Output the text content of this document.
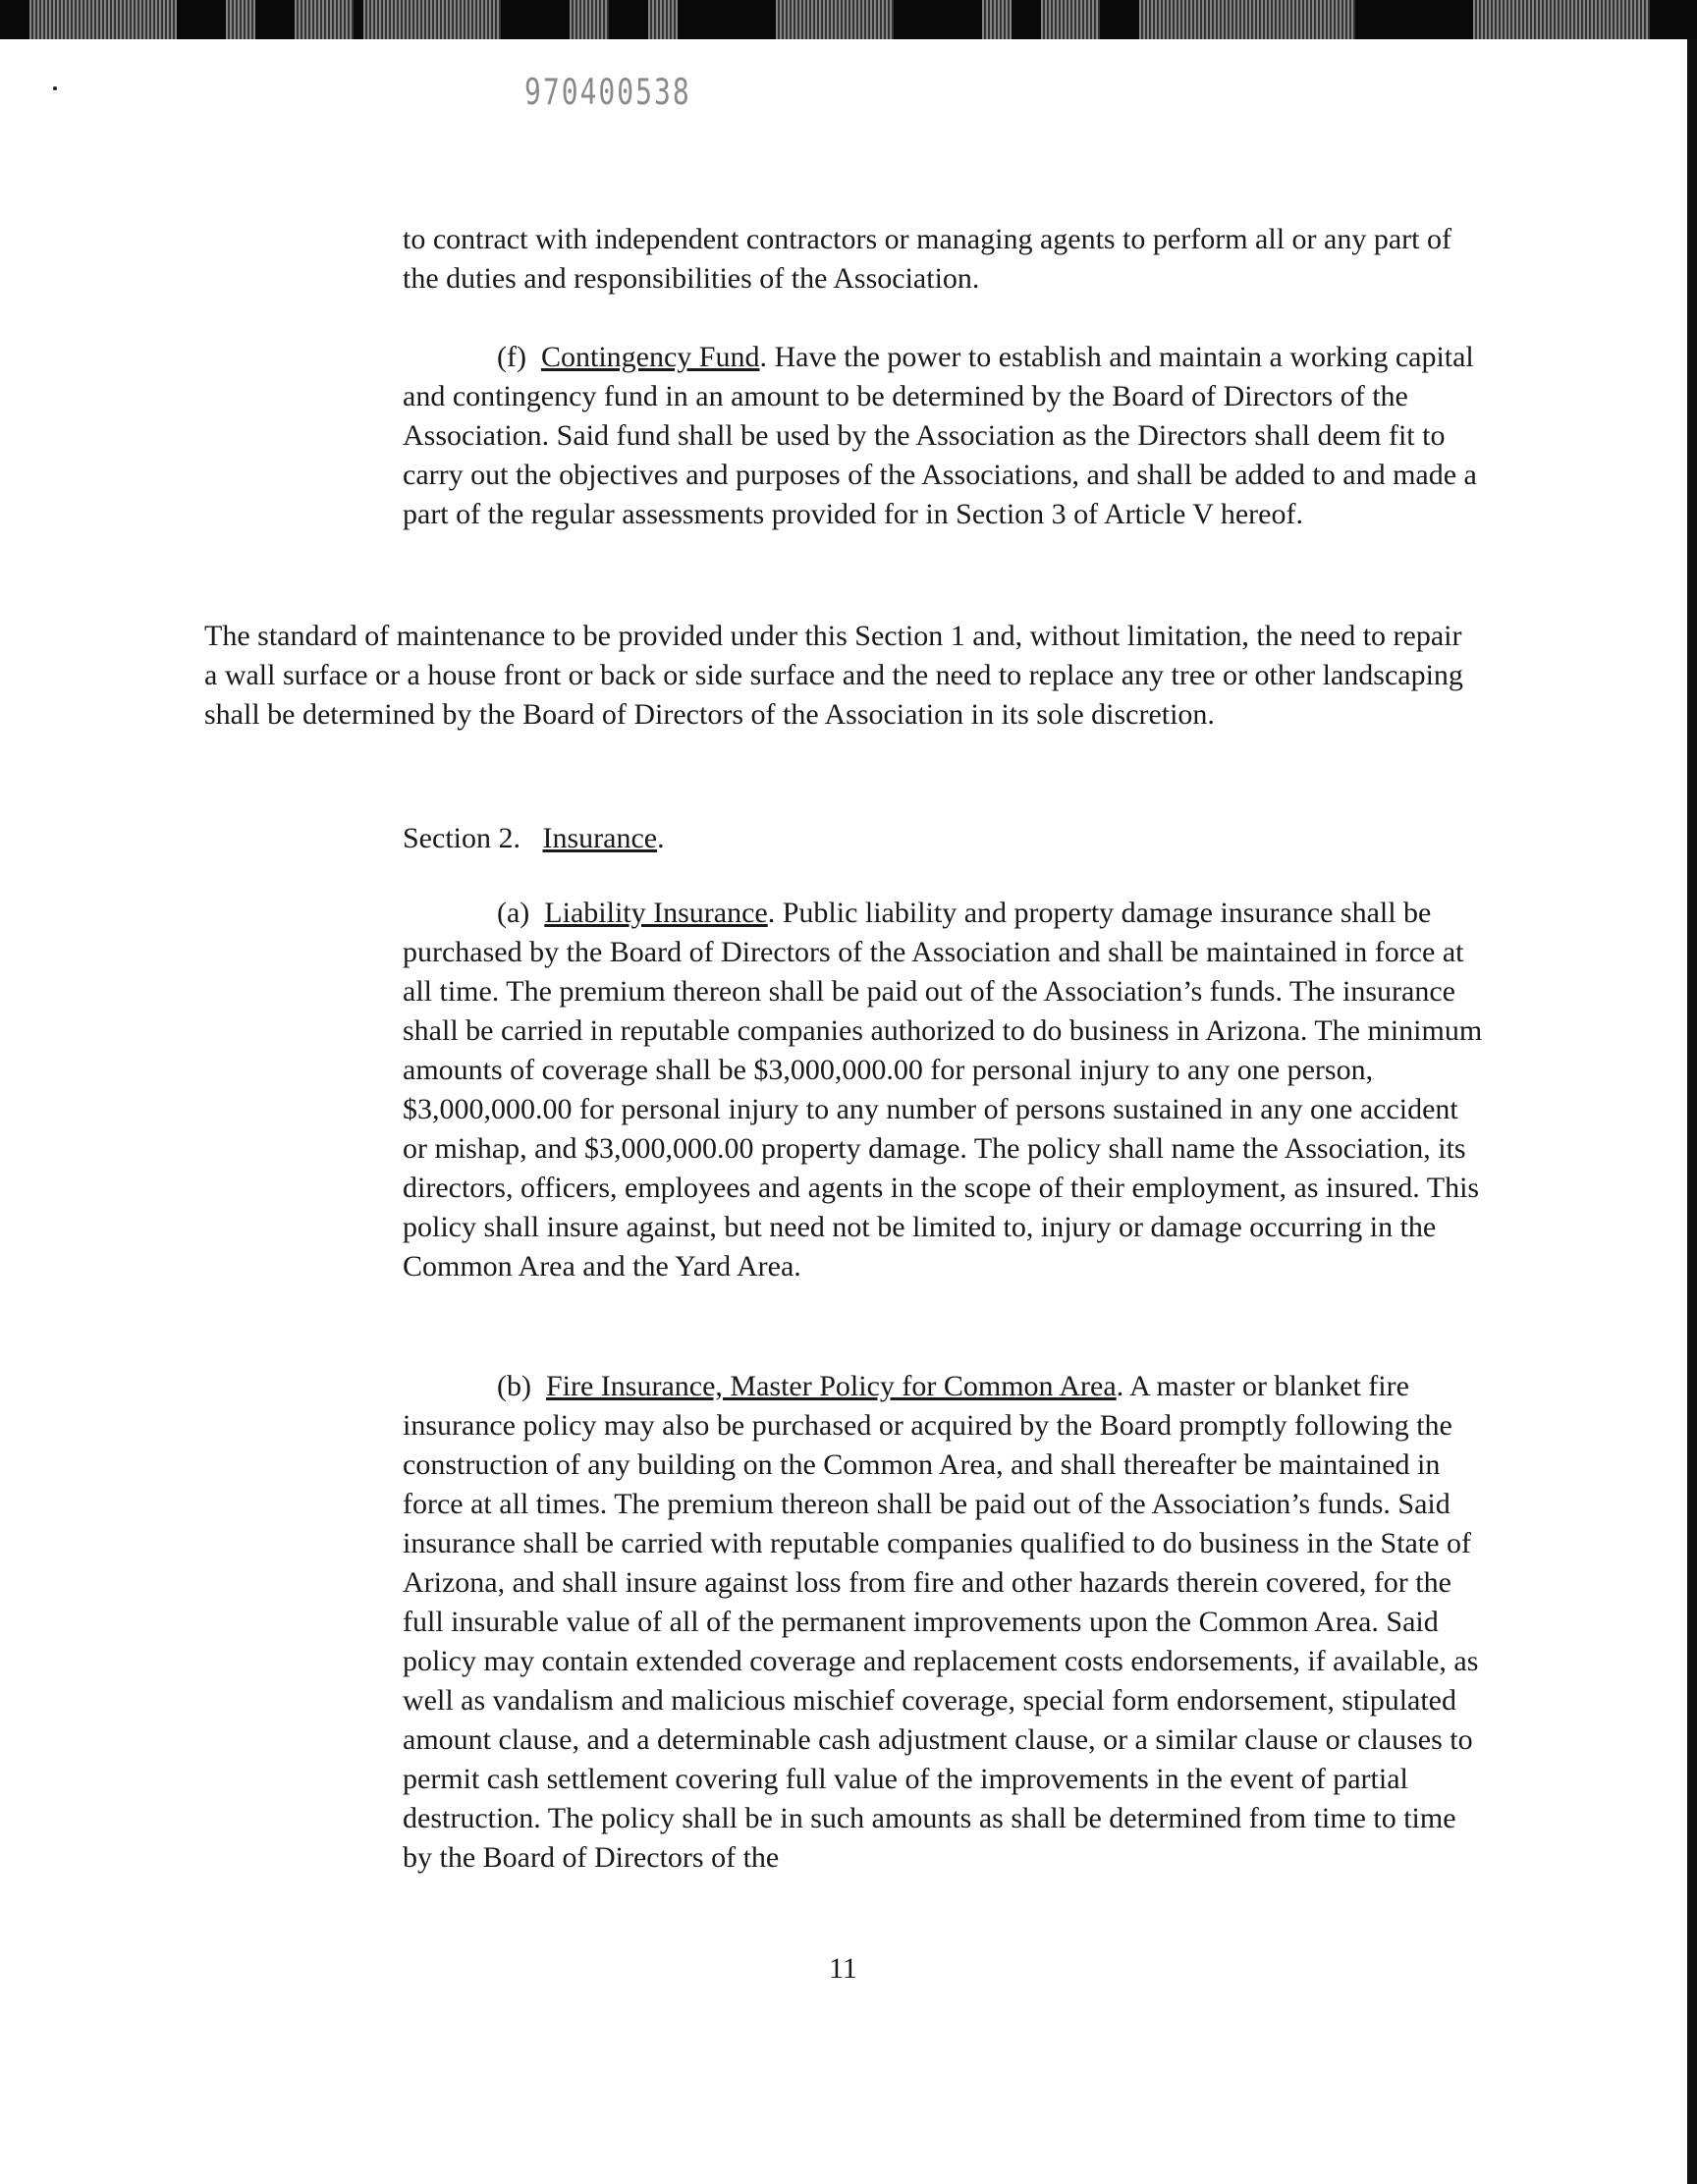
970400538

to contract with independent contractors or managing agents to perform all or any part of the duties and responsibilities of the Association.

(f) Contingency Fund. Have the power to establish and maintain a working capital and contingency fund in an amount to be determined by the Board of Directors of the Association. Said fund shall be used by the Association as the Directors shall deem fit to carry out the objectives and purposes of the Associations, and shall be added to and made a part of the regular assessments provided for in Section 3 of Article V hereof.

The standard of maintenance to be provided under this Section 1 and, without limitation, the need to repair a wall surface or a house front or back or side surface and the need to replace any tree or other landscaping shall be determined by the Board of Directors of the Association in its sole discretion.

Section 2. Insurance.

(a) Liability Insurance. Public liability and property damage insurance shall be purchased by the Board of Directors of the Association and shall be maintained in force at all time. The premium thereon shall be paid out of the Association’s funds. The insurance shall be carried in reputable companies authorized to do business in Arizona. The minimum amounts of coverage shall be $3,000,000.00 for personal injury to any one person, $3,000,000.00 for personal injury to any number of persons sustained in any one accident or mishap, and $3,000,000.00 property damage. The policy shall name the Association, its directors, officers, employees and agents in the scope of their employment, as insured. This policy shall insure against, but need not be limited to, injury or damage occurring in the Common Area and the Yard Area.

(b) Fire Insurance, Master Policy for Common Area. A master or blanket fire insurance policy may also be purchased or acquired by the Board promptly following the construction of any building on the Common Area, and shall thereafter be maintained in force at all times. The premium thereon shall be paid out of the Association’s funds. Said insurance shall be carried with reputable companies qualified to do business in the State of Arizona, and shall insure against loss from fire and other hazards therein covered, for the full insurable value of all of the permanent improvements upon the Common Area. Said policy may contain extended coverage and replacement costs endorsements, if available, as well as vandalism and malicious mischief coverage, special form endorsement, stipulated amount clause, and a determinable cash adjustment clause, or a similar clause or clauses to permit cash settlement covering full value of the improvements in the event of partial destruction. The policy shall be in such amounts as shall be determined from time to time by the Board of Directors of the

11
